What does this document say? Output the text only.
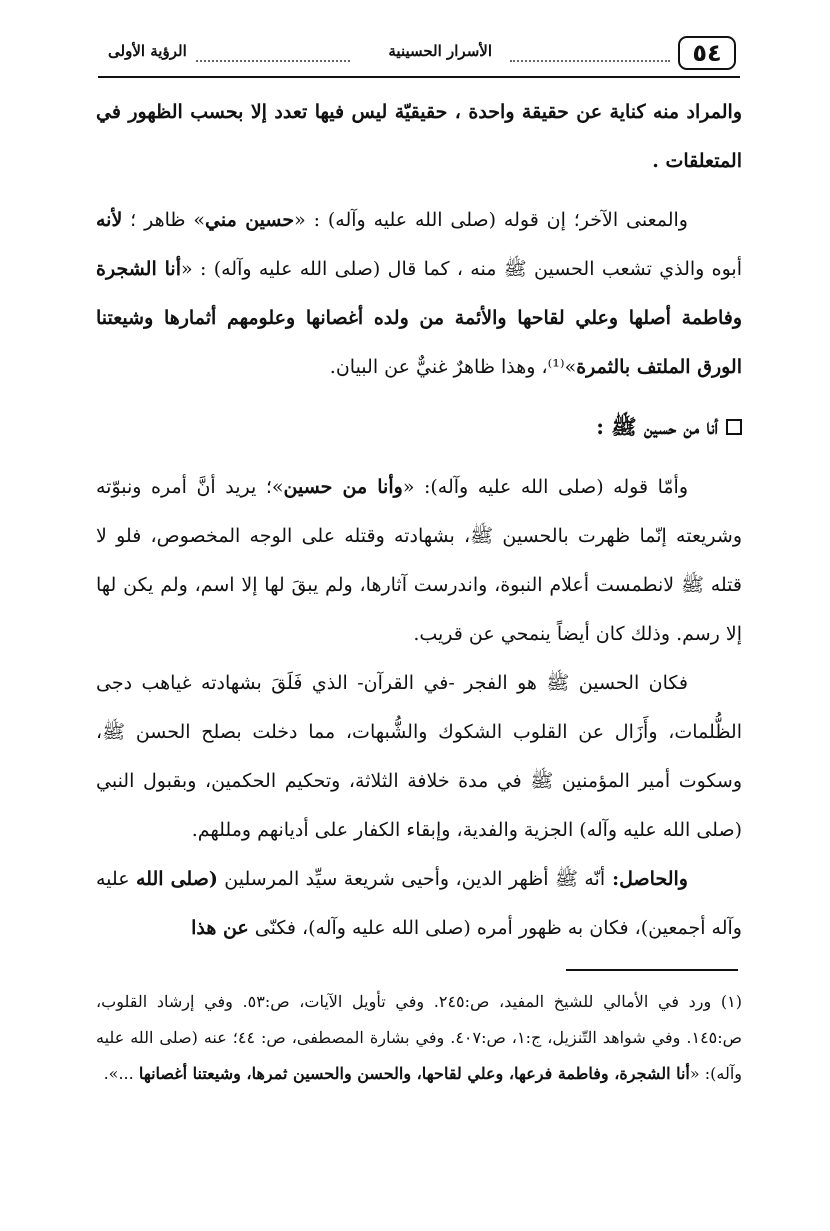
٥٤
الأسرار الحسينية
الرؤية الأولى

والمراد منه كناية عن حقيقة واحدة ، حقيقيّة ليس فيها تعدد إلا بحسب الظهور في المتعلقات .

والمعنى الآخر؛ إن قوله (صلى الله عليه وآله) : «حسين مني» ظاهر ؛ لأنه أبوه والذي تشعب الحسين ﷺ منه ، كما قال (صلى الله عليه وآله) : «أنا الشجرة وفاطمة أصلها وعلي لقاحها والأئمة من ولده أغصانها وعلومهم أثمارها وشيعتنا الورق الملتف بالثمرة»⁽¹⁾، وهذا ظاهرٌ غنيٌّ عن البيان.

أنا من حسين ﷺ :

وأمّا قوله (صلى الله عليه وآله): «وأنا من حسين»؛ يريد أنَّ أمره ونبوّته وشريعته إنّما ظهرت بالحسين ﷺ، بشهادته وقتله على الوجه المخصوص، فلو لا قتله ﷺ لانطمست أعلام النبوة، واندرست آثارها، ولم يبقَ لها إلا اسم، ولم يكن لها إلا رسم. وذلك كان أيضاً ينمحي عن قريب.

فكان الحسين ﷺ هو الفجر -في القرآن- الذي فَلَقَ بشهادته غياهب دجى الظُّلمات، وأَزَال عن القلوب الشكوك والشُّبهات، مما دخلت بصلح الحسن ﷺ، وسكوت أمير المؤمنين ﷺ في مدة خلافة الثلاثة، وتحكيم الحكمين، وبقبول النبي (صلى الله عليه وآله) الجزية والفدية، وإبقاء الكفار على أديانهم ومللهم.

والحاصل: أنّه ﷺ أظهر الدين، وأحيى شريعة سيِّد المرسلين (صلى الله عليه وآله أجمعين)، فكان به ظهور أمره (صلى الله عليه وآله)، فكنّى عن هذا

(١) ورد في الأمالي للشيخ المفيد، ص:٢٤٥. وفي تأويل الآيات، ص:٥٣. وفي إرشاد القلوب، ص:١٤٥. وفي شواهد التّنزيل، ج:١، ص:٤٠٧. وفي بشارة المصطفى، ص: ٤٤؛ عنه (صلى الله عليه وآله): «أنا الشجرة، وفاطمة فرعها، وعلي لقاحها، والحسن والحسين ثمرها، وشيعتنا أغصانها ...».
